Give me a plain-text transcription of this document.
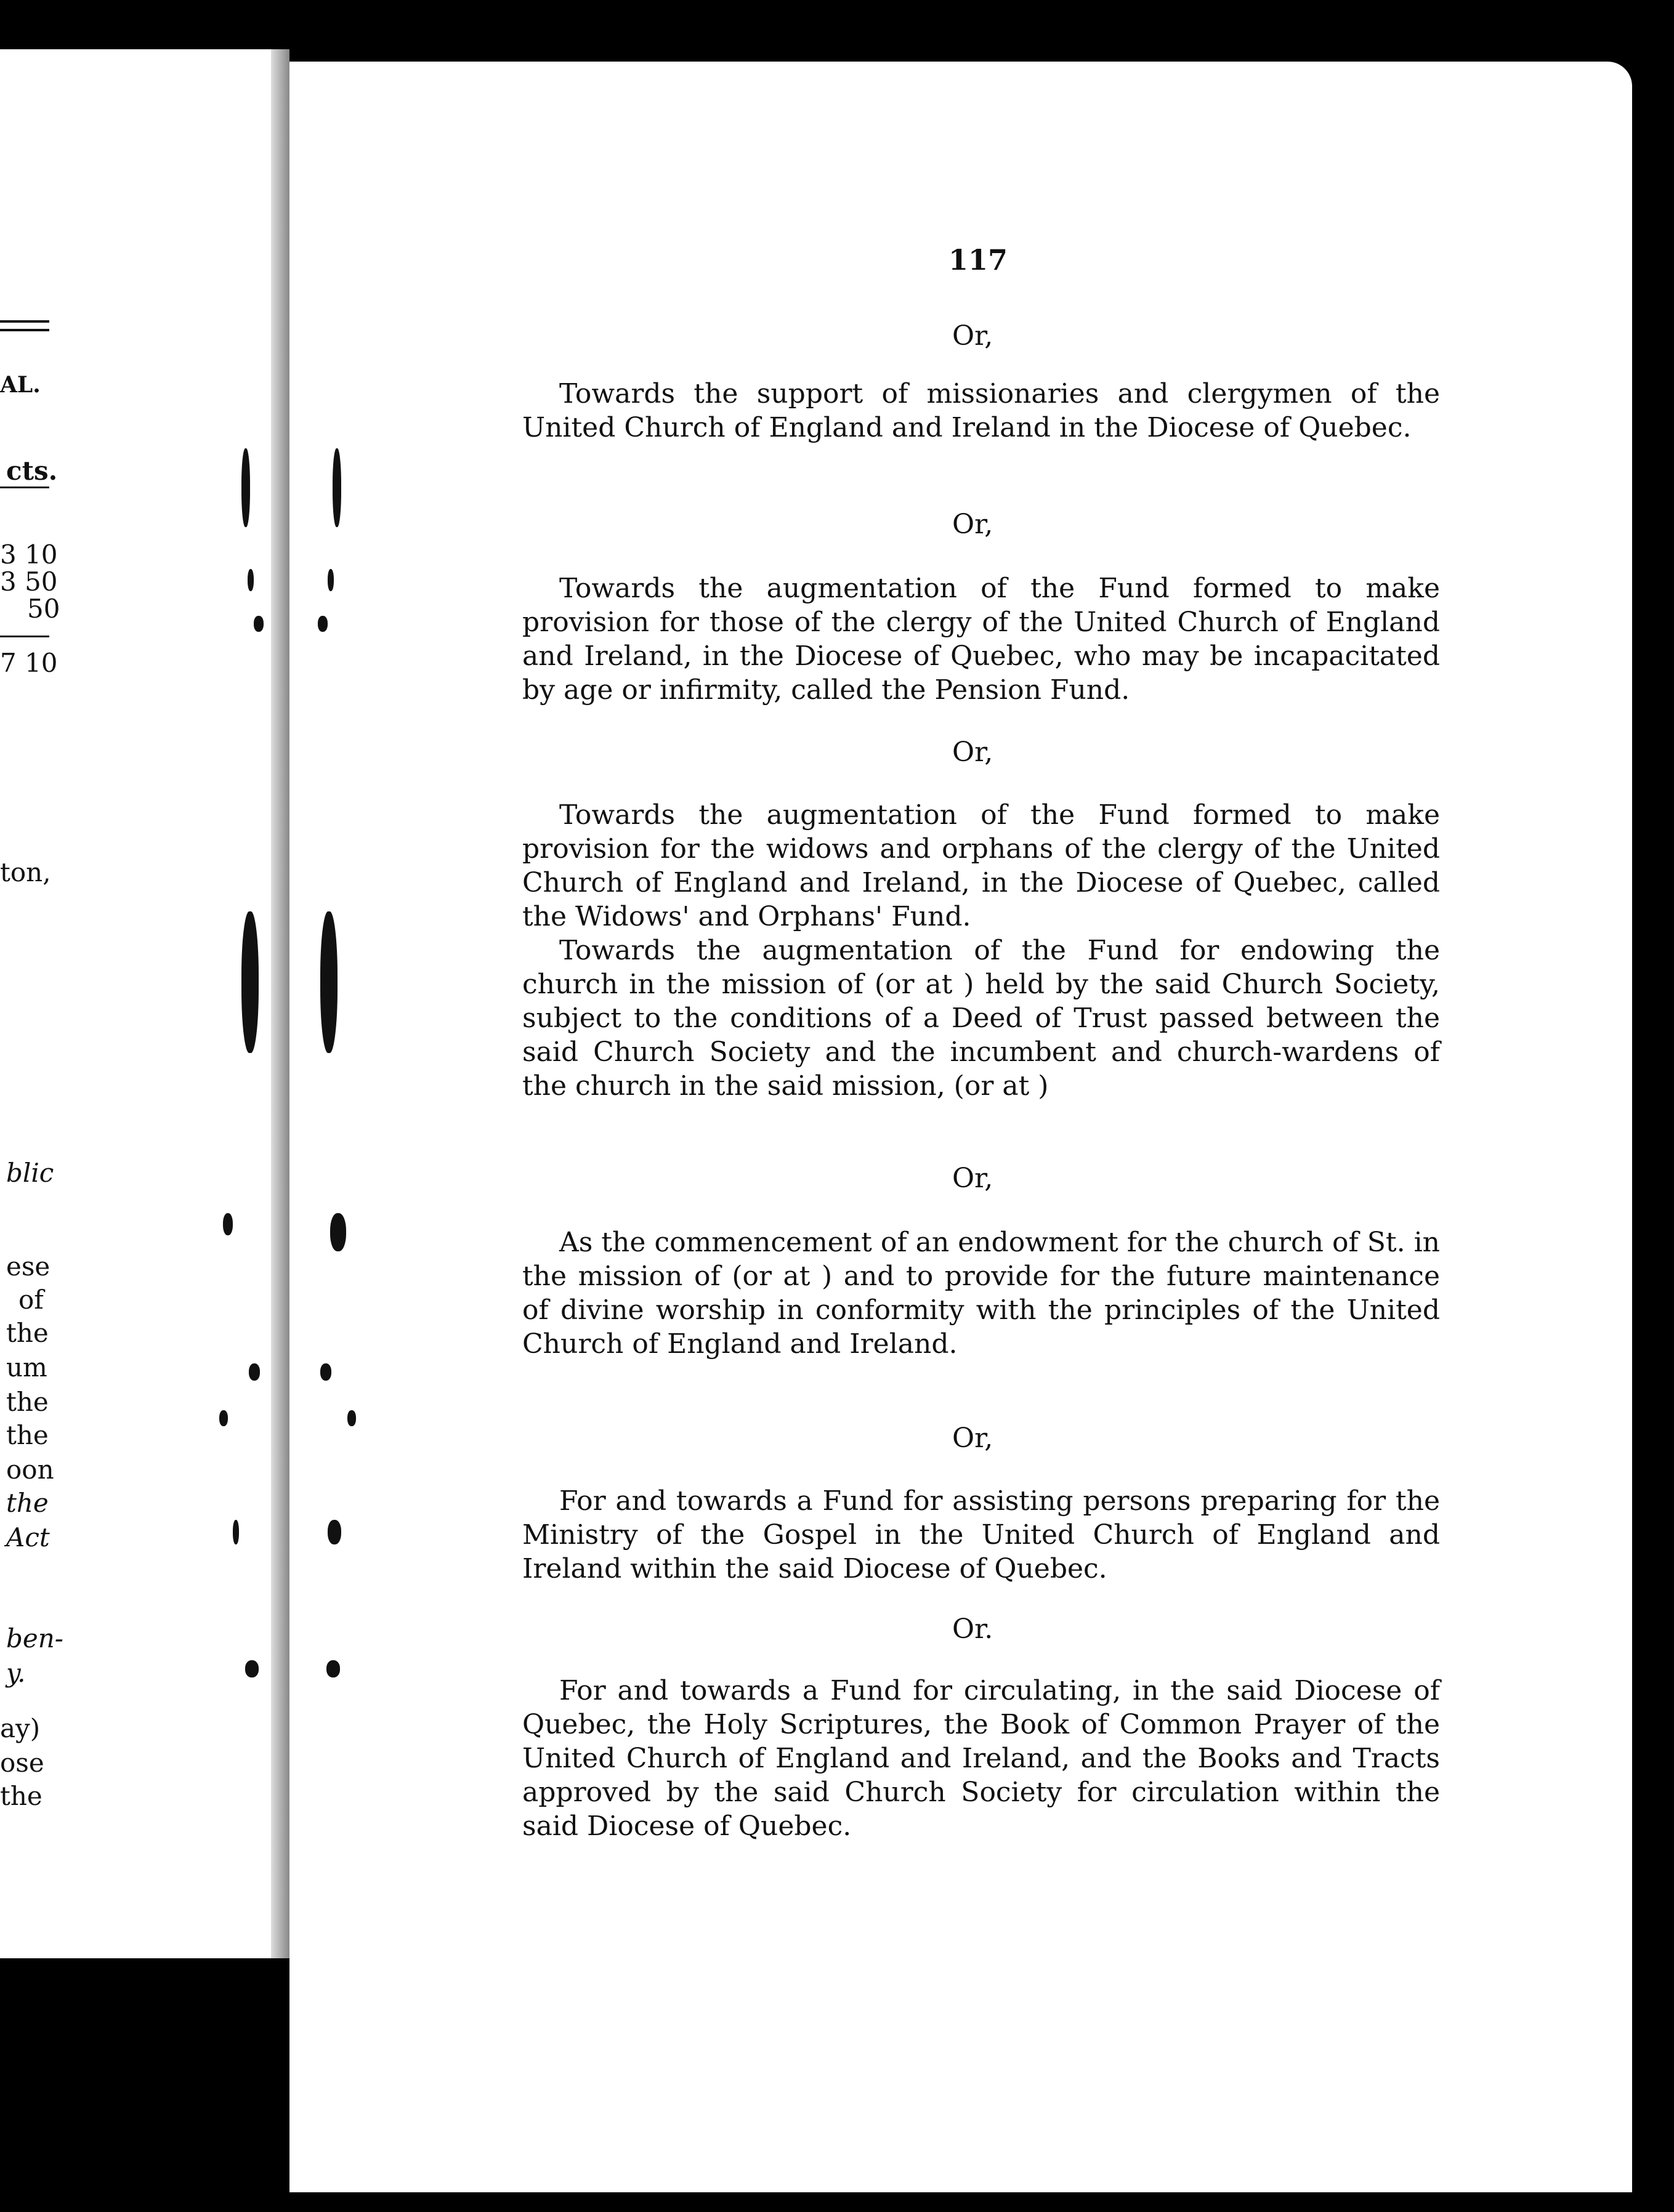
AL.
cts.
3 10
3 50
50
7 10
ton,
blic
ese
of
the
um
the
the
oon
the
Act
ben-
y.
ay)
ose
the
117
Or,

Towards the support of missionaries and clergymen of the United Church of England and Ireland in the Diocese of Quebec.

Or,

Towards the augmentation of the Fund formed to make provision for those of the clergy of the United Church of England and Ireland, in the Diocese of Quebec, who may be incapacitated by age or infirmity, called the Pension Fund.

Or,

Towards the augmentation of the Fund formed to make provision for the widows and orphans of the clergy of the United Church of England and Ireland, in the Diocese of Quebec, called the Widows' and Orphans' Fund.

Towards the augmentation of the Fund for endowing the church in the mission of (or at ) held by the said Church Society, subject to the conditions of a Deed of Trust passed between the said Church Society and the incumbent and church-wardens of the church in the said mission, (or at )

Or,

As the commencement of an endowment for the church of St. in the mission of (or at ) and to provide for the future maintenance of divine worship in conformity with the principles of the United Church of England and Ireland.

Or,

For and towards a Fund for assisting persons preparing for the Ministry of the Gospel in the United Church of England and Ireland within the said Diocese of Quebec.

Or.

For and towards a Fund for circulating, in the said Diocese of Quebec, the Holy Scriptures, the Book of Common Prayer of the United Church of England and Ireland, and the Books and Tracts approved by the said Church Society for circulation within the said Diocese of Quebec.
